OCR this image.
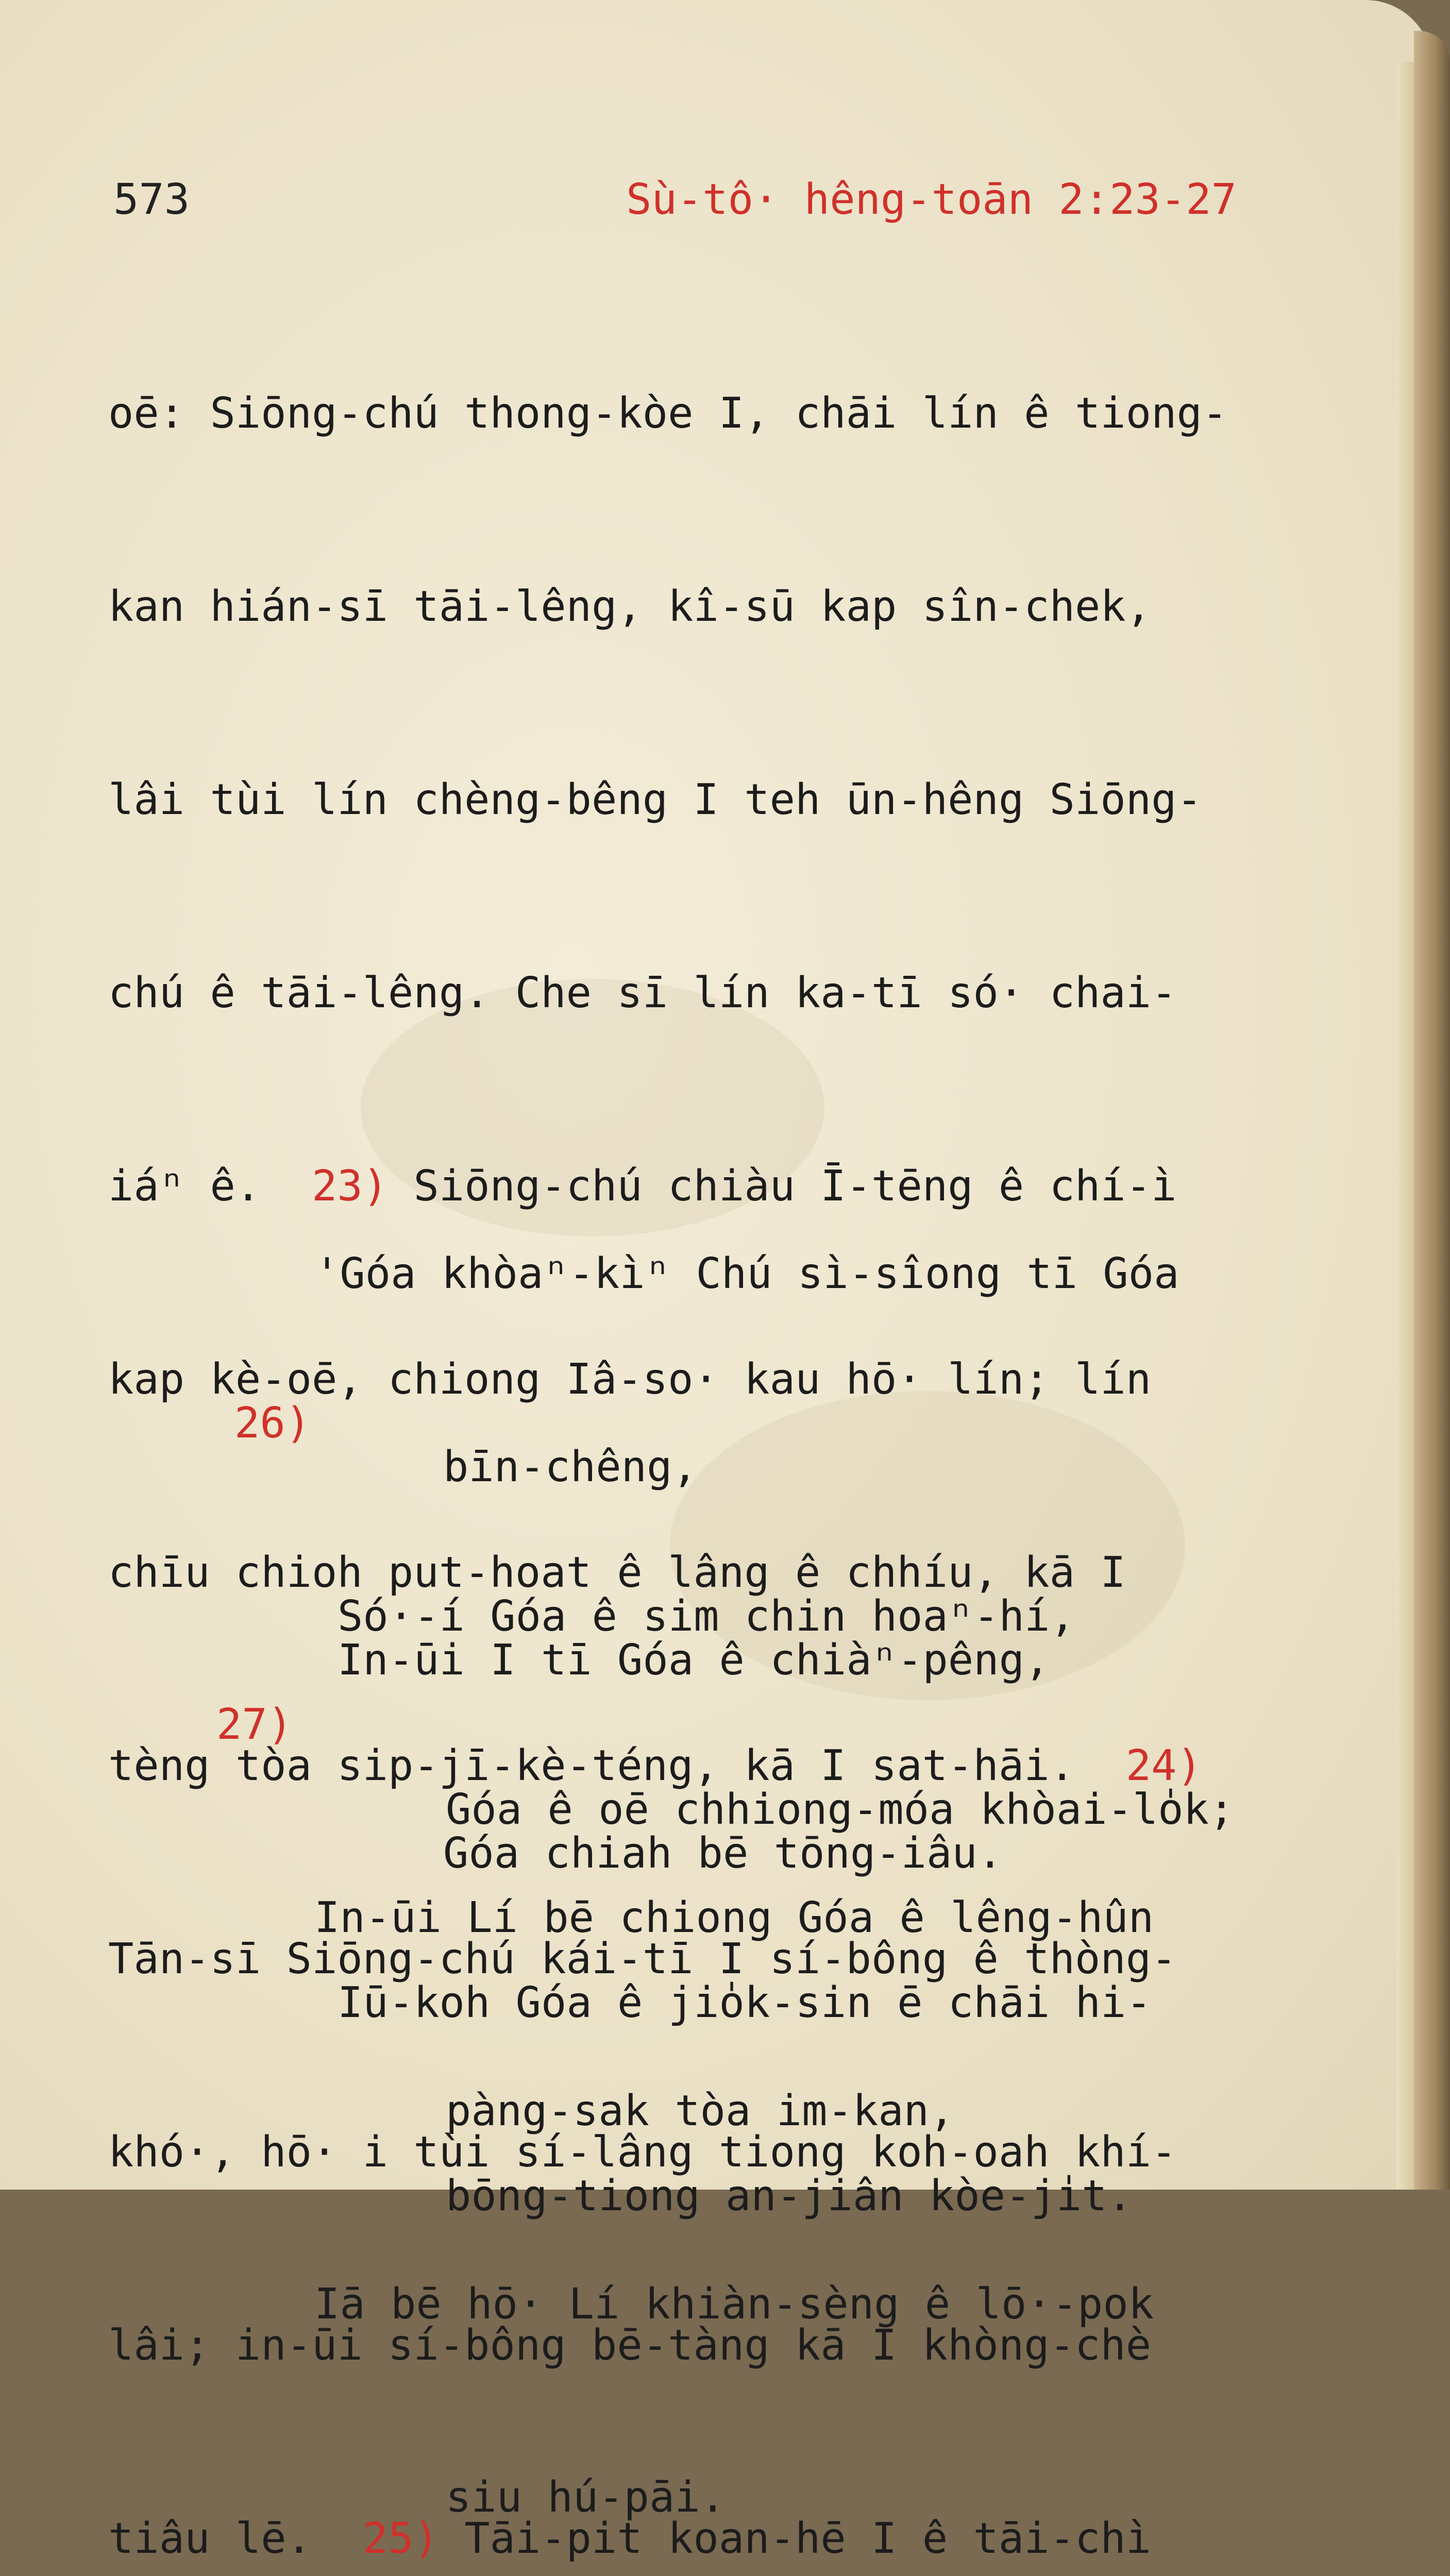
573	Sù-tô· hêng-toān 2:23-27

oē: Siōng-chú thong-kòe I, chāi lín ê tiong-

kan hián-sī tāi-lêng, kî-sū kap sîn-chek,

lâi tùi lín chèng-bêng I teh ūn-hêng Siōng-

chú ê tāi-lêng. Che sī lín ka-tī só· chai-

iáⁿ ê. 23) Siōng-chú chiàu Ī-tēng ê chí-ì

kap kè-oē, chiong Iâ-so· kau hō· lín; lín

chīu chioh put-hoat ê lâng ê chhíu, kā I

tèng tòa sip-jī-kè-téng, kā I sat-hāi. 24)

Tān-sī Siōng-chú kái-tī I sí-bông ê thòng-

khó·, hō· i tùi sí-lâng tiong koh-oah khí-

lâi; in-ūi sí-bông bē-tàng kā I khòng-chè

tiâu lē. 25) Tāi-pit koan-hē I ê tāi-chì

'Góa khòaⁿ-kìⁿ Chú sì-sîong tī Góa

bīn-chêng,

In-ūi I tī Góa ê chiàⁿ-pêng,

Góa chiah bē tōng-iâu.

26)

Só·-í Góa ê sim chin hoaⁿ-hí,

Góa ê oē chhiong-móa khòai-lo̍k;

Iū-koh Góa ê jio̍k-sin ē chāi hi-

bōng-tiong an-jiân kòe-ji̍t.

27)

In-ūi Lí bē chiong Góa ê lêng-hûn

pàng-sak tòa im-kan,

Iā bē hō· Lí khiàn-sèng ê lō·-pok

siu hú-pāi.
